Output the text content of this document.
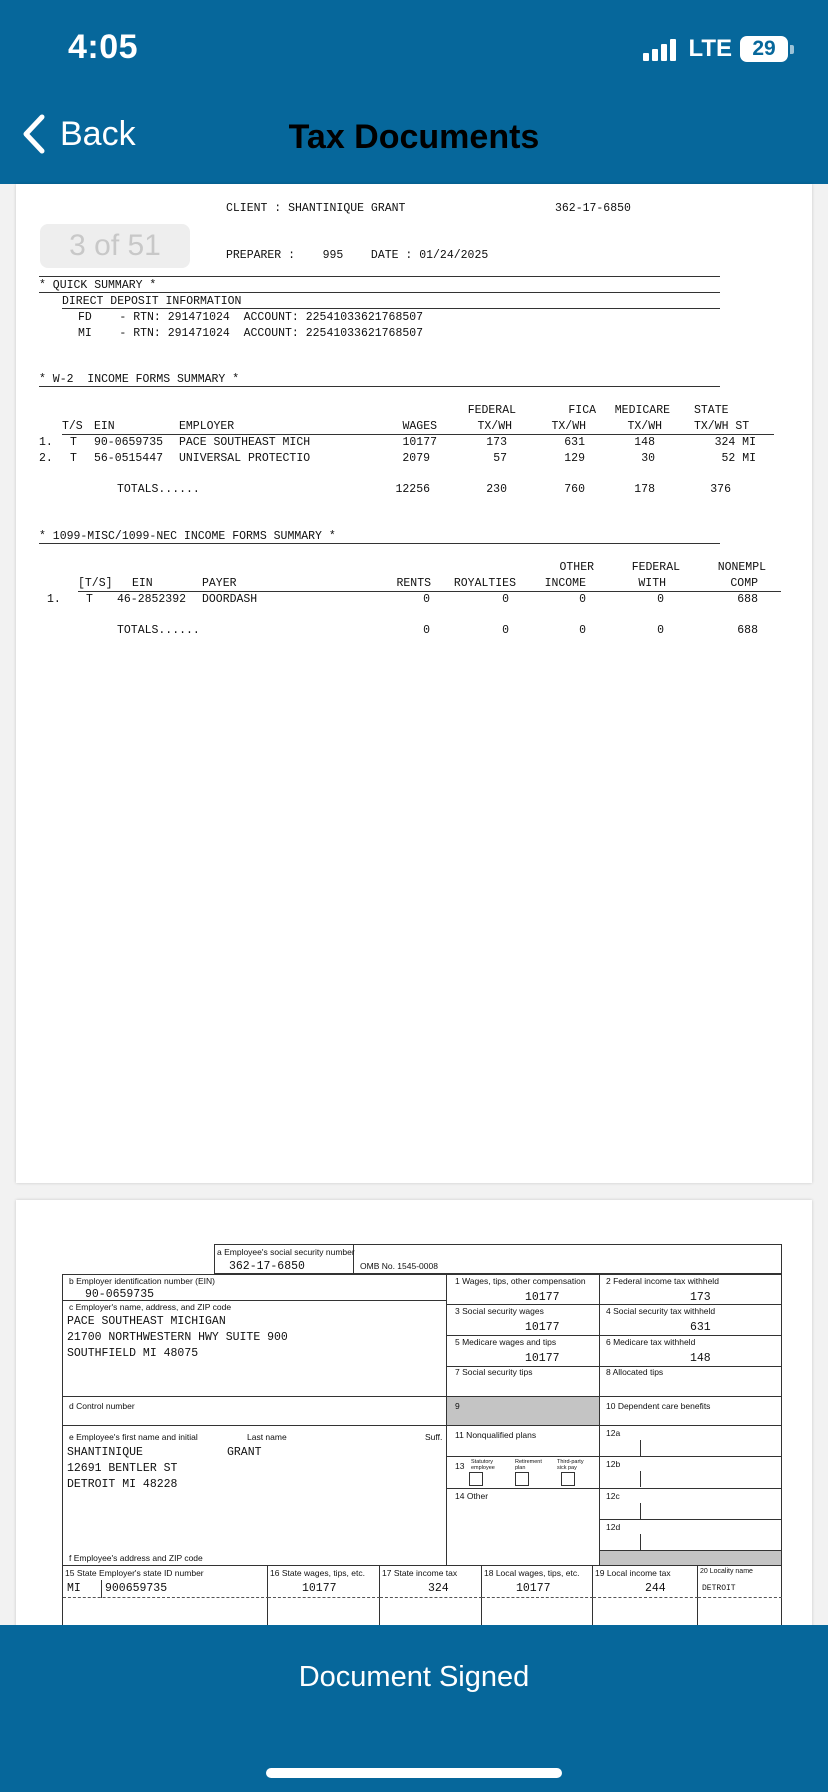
4:05	LTE 29
Back	Tax Documents
CLIENT : SHANTINIQUE GRANT	362-17-6850
3 of 51	PREPARER :    995    DATE : 01/24/2025
* QUICK SUMMARY *
DIRECT DEPOSIT INFORMATION
FD    - RTN: 291471024  ACCOUNT: 22541033621768507
MI    - RTN: 291471024  ACCOUNT: 22541033621768507
* W-2  INCOME FORMS SUMMARY *
FEDERAL	FICA	MEDICARE STATE
T/S EIN	EMPLOYER	WAGES	TX/WH	TX/WH	TX/WH	TX/WH ST
1. T 90-0659735 PACE SOUTHEAST MICH	10177	173	631	148	324 MI
2. T 56-0515447 UNIVERSAL PROTECTIO	2079	57	129	30	52 MI
TOTALS......	12256	230	760	178	376
* 1099-MISC/1099-NEC INCOME FORMS SUMMARY *
OTHER	FEDERAL	NONEMPL
[T/S] EIN	PAYER	RENTS	ROYALTIES	INCOME	WITH	COMP
1. T 46-2852392 DOORDASH	0	0	0	0	688
TOTALS......	0	0	0	0	688
a Employee's social security number
362-17-6850	OMB No. 1545-0008
b Employer identification number (EIN)
90-0659735
c Employer's name, address, and ZIP code
PACE SOUTHEAST MICHIGAN
21700 NORTHWESTERN HWY SUITE 900
SOUTHFIELD MI 48075
d Control number
e Employee's first name and initial	Last name	Suff.
SHANTINIQUE	GRANT
12691 BENTLER ST
DETROIT MI 48228
f Employee's address and ZIP code
1 Wages, tips, other compensation
10177
3 Social security wages
10177
5 Medicare wages and tips
10177
7 Social security tips
9
11 Nonqualified plans
13 Statutory employee
Retirement plan
Third-party sick pay
14 Other
2 Federal income tax withheld
173
4 Social security tax withheld
631
6 Medicare tax withheld
148
8 Allocated tips
10 Dependent care benefits
12a
12b
12c
12d
15 State Employer's state ID number
MI 900659735
16 State wages, tips, etc.
10177
17 State income tax
324
18 Local wages, tips, etc.
10177
19 Local income tax
244
20 Locality name
DETROIT
Document Signed
